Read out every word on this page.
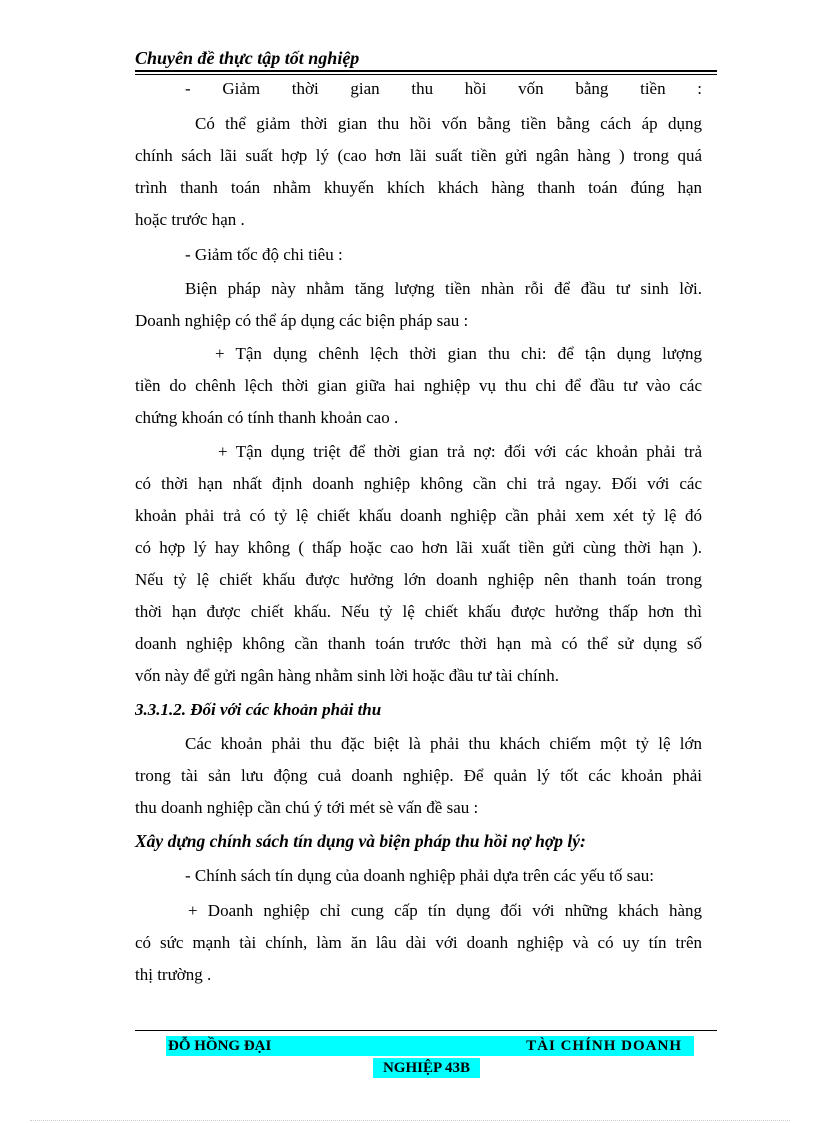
Chuyên đề thực tập tốt nghiệp
- Giảm thời gian thu hồi vốn bằng tiền :
Có thể giảm thời gian thu hồi vốn bằng tiền bằng cách áp dụng
chính sách lãi suất hợp lý (cao hơn lãi suất tiền gửi ngân hàng ) trong quá
trình thanh toán nhằm khuyến khích khách hàng thanh toán đúng hạn
hoặc trước hạn .
- Giảm tốc độ chi tiêu :
Biện pháp này nhằm tăng lượng tiền nhàn rỗi để đầu tư sinh lời.
Doanh nghiệp có thể áp dụng các biện pháp sau :
+ Tận dụng chênh lệch thời gian thu chi: để tận dụng lượng
tiền do chênh lệch thời gian giữa hai nghiệp vụ thu chi để đầu tư vào các
chứng khoán có tính thanh khoản cao .
+ Tận dụng triệt để thời gian trả nợ: đối với các khoản phải trả
có thời hạn nhất định doanh nghiệp không cần chi trả ngay. Đối với các
khoản phải trả có tỷ lệ chiết khấu doanh nghiệp cần phải xem xét tỷ lệ đó
có hợp lý hay không ( thấp hoặc cao hơn lãi xuất tiền gửi cùng thời hạn ).
Nếu tỷ lệ chiết khấu được hưởng lớn doanh nghiệp nên thanh toán trong
thời hạn được chiết khấu. Nếu tỷ lệ chiết khấu được hưởng thấp hơn thì
doanh nghiệp không cần thanh toán trước thời hạn mà có thể sử dụng số
vốn này để gửi ngân hàng nhằm sinh lời hoặc đầu tư tài chính.
3.3.1.2. Đối với các khoản phải thu
Các khoản phải thu đặc biệt là phải thu khách chiếm một tỷ lệ lớn
trong tài sản lưu động cuả doanh nghiệp. Để quản lý tốt các khoản phải
thu doanh nghiệp cần chú ý tới mét sè vấn đề sau :
Xây dựng chính sách tín dụng và biện pháp thu hồi nợ hợp lý:
- Chính sách tín dụng của doanh nghiệp phải dựa trên các yếu tố sau:
+ Doanh nghiệp chỉ cung cấp tín dụng đối với những khách hàng
có sức mạnh tài chính, làm ăn lâu dài với doanh nghiệp và có uy tín trên
thị trường .
ĐỖ HỒNG ĐẠI	TÀI CHÍNH DOANH
NGHIỆP 43B
